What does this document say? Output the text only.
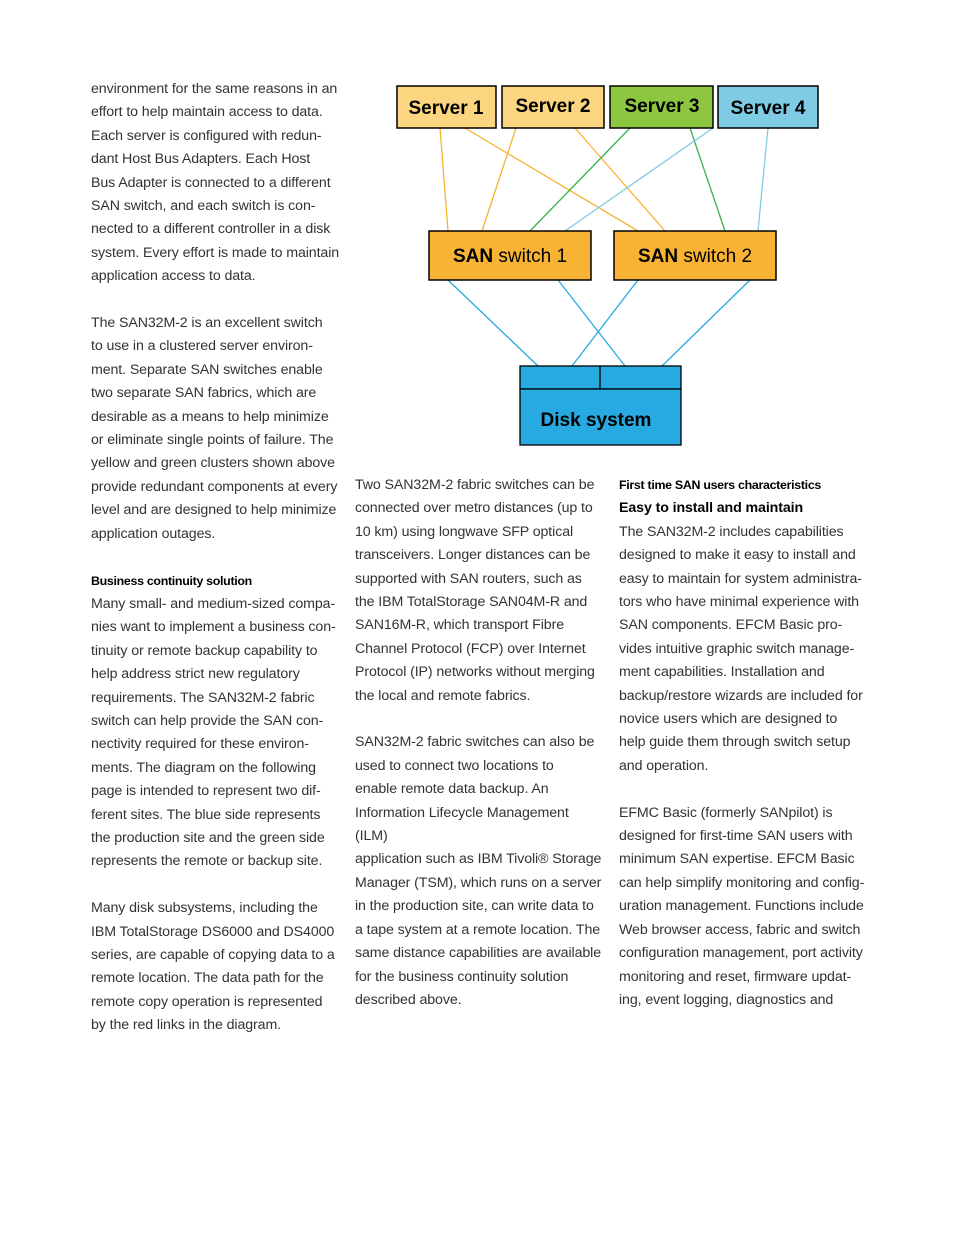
Server 1 Server 2 Server 3 Server 4
SAN switch 1	SAN switch 2
Disk system

environment for the same reasons in an

effort to help maintain access to data.

Each server is configured with redun-

dant Host Bus Adapters. Each Host

Bus Adapter is connected to a different

SAN switch, and each switch is con-

nected to a different controller in a disk

system. Every effort is made to maintain

application access to data.

The SAN32M-2 is an excellent switch

to use in a clustered server environ-

ment. Separate SAN switches enable

two separate SAN fabrics, which are

desirable as a means to help minimize

or eliminate single points of failure. The

yellow and green clusters shown above

provide redundant components at every

level and are designed to help minimize

application outages.

Business continuity solution

Many small- and medium-sized compa-

nies want to implement a business con-

tinuity or remote backup capability to

help address strict new regulatory

requirements. The SAN32M-2 fabric

switch can help provide the SAN con-

nectivity required for these environ-

ments. The diagram on the following

page is intended to represent two dif-

ferent sites. The blue side represents

the production site and the green side

represents the remote or backup site.

Many disk subsystems, including the

IBM TotalStorage DS6000 and DS4000

series, are capable of copying data to a

remote location. The data path for the

remote copy operation is represented

by the red links in the diagram.

Two SAN32M-2 fabric switches can be

connected over metro distances (up to

10 km) using longwave SFP optical

transceivers. Longer distances can be

supported with SAN routers, such as

the IBM TotalStorage SAN04M-R and

SAN16M-R, which transport Fibre

Channel Protocol (FCP) over Internet

Protocol (IP) networks without merging

the local and remote fabrics.

SAN32M-2 fabric switches can also be

used to connect two locations to

enable remote data backup. An

Information Lifecycle Management (ILM)

application such as IBM Tivoli® Storage

Manager (TSM), which runs on a server

in the production site, can write data to

a tape system at a remote location. The

same distance capabilities are available

for the business continuity solution

described above.

First time SAN users characteristics

Easy to install and maintain

The SAN32M-2 includes capabilities

designed to make it easy to install and

easy to maintain for system administra-

tors who have minimal experience with

SAN components. EFCM Basic pro-

vides intuitive graphic switch manage-

ment capabilities. Installation and

backup/restore wizards are included for

novice users which are designed to

help guide them through switch setup

and operation.

EFMC Basic (formerly SANpilot) is

designed for first-time SAN users with

minimum SAN expertise. EFCM Basic

can help simplify monitoring and config-

uration management. Functions include

Web browser access, fabric and switch

configuration management, port activity

monitoring and reset, firmware updat-

ing, event logging, diagnostics and
